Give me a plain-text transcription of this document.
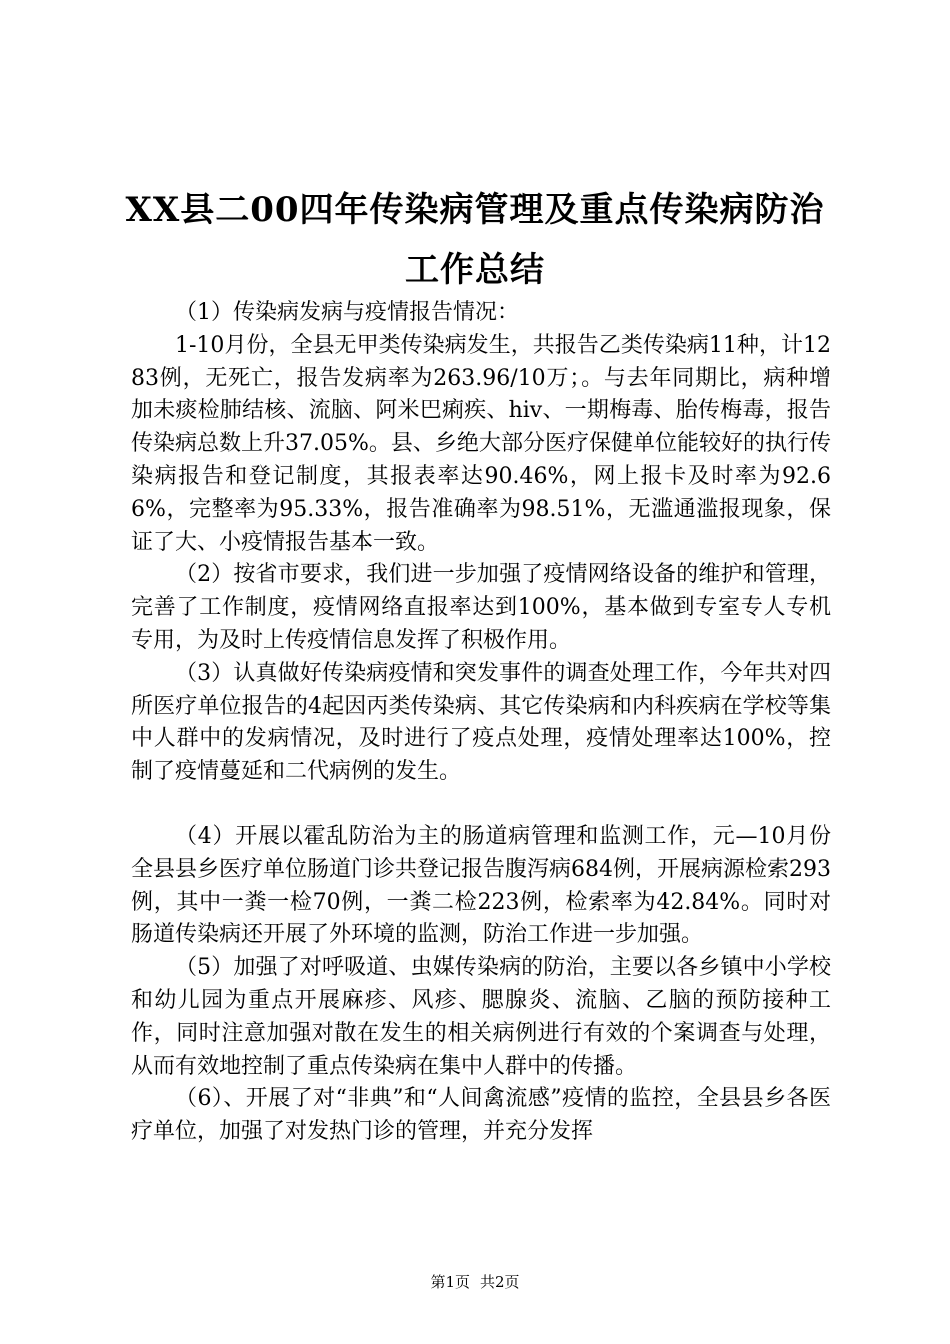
XX县二00四年传染病管理及重点传染病防治
工作总结

（1）传染病发病与疫情报告情况：

1-10月份，全县无甲类传染病发生，共报告乙类传染病11种，计1283例，无死亡，报告发病率为263.96/10万；。与去年同期比，病种增加未痰检肺结核、流脑、阿米巴痢疾、hiv、一期梅毒、胎传梅毒，报告传染病总数上升37.05%。县、乡绝大部分医疗保健单位能较好的执行传染病报告和登记制度，其报表率达90.46%，网上报卡及时率为92.66%，完整率为95.33%，报告准确率为98.51%，无滥通滥报现象，保证了大、小疫情报告基本一致。

（2）按省市要求，我们进一步加强了疫情网络设备的维护和管理，完善了工作制度，疫情网络直报率达到100%，基本做到专室专人专机专用，为及时上传疫情信息发挥了积极作用。

（3）认真做好传染病疫情和突发事件的调查处理工作，今年共对四所医疗单位报告的4起因丙类传染病、其它传染病和内科疾病在学校等集中人群中的发病情况，及时进行了疫点处理，疫情处理率达100%，控制了疫情蔓延和二代病例的发生。

（4）开展以霍乱防治为主的肠道病管理和监测工作，元—10月份全县县乡医疗单位肠道门诊共登记报告腹泻病684例，开展病源检索293例，其中一粪一检70例，一粪二检223例，检索率为42.84%。同时对肠道传染病还开展了外环境的监测，防治工作进一步加强。

（5）加强了对呼吸道、虫媒传染病的防治，主要以各乡镇中小学校和幼儿园为重点开展麻疹、风疹、腮腺炎、流脑、乙脑的预防接种工作，同时注意加强对散在发生的相关病例进行有效的个案调查与处理，从而有效地控制了重点传染病在集中人群中的传播。

（6）、开展了对“非典”和“人间禽流感”疫情的监控，全县县乡各医疗单位，加强了对发热门诊的管理，并充分发挥

第1页 共2页
